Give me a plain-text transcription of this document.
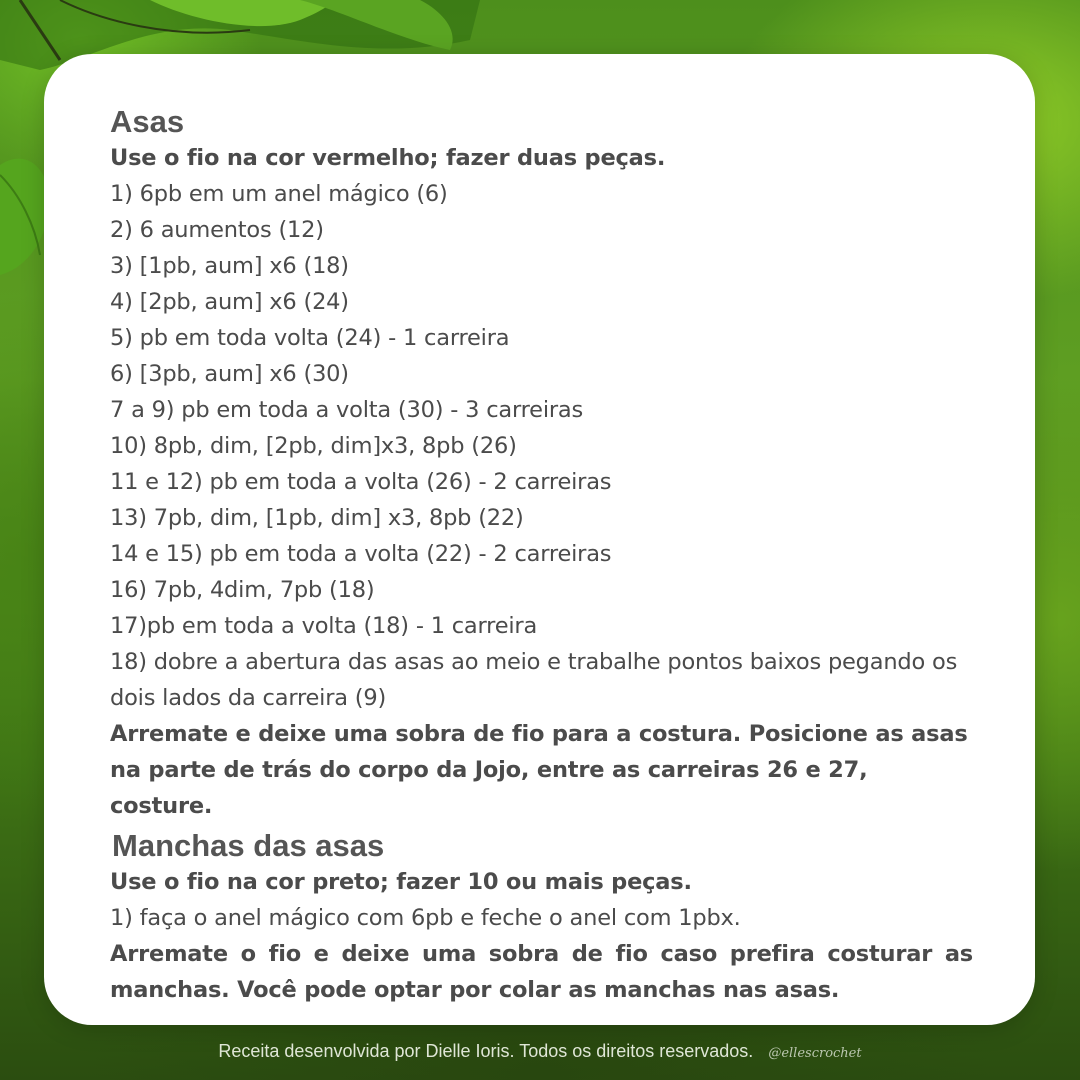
Asas
Use o fio na cor vermelho; fazer duas peças.
1) 6pb em um anel mágico (6)
2) 6 aumentos (12)
3) [1pb, aum] x6 (18)
4) [2pb, aum] x6 (24)
5) pb em toda volta (24) - 1 carreira
6) [3pb, aum] x6 (30)
7 a 9) pb em toda a volta (30) - 3 carreiras
10) 8pb, dim, [2pb, dim]x3, 8pb (26)
11 e 12) pb em toda a volta (26) - 2 carreiras
13) 7pb, dim, [1pb, dim] x3, 8pb (22)
14 e 15) pb em toda a volta (22) - 2 carreiras
16) 7pb, 4dim, 7pb (18)
17)pb em toda a volta (18) - 1 carreira
18) dobre a abertura das asas ao meio e trabalhe pontos baixos pegando os dois lados da carreira (9)
Arremate e deixe uma sobra de fio para a costura. Posicione as asas na parte de trás do corpo da Jojo, entre as carreiras 26 e 27, costure.
Manchas das asas
Use o fio na cor preto; fazer 10 ou mais peças.
1) faça o anel mágico com 6pb e feche o anel com 1pbx.
Arremate o fio e deixe uma sobra de fio caso prefira costurar as manchas. Você pode optar por colar as manchas nas asas.
Receita desenvolvida por Dielle Ioris. Todos os direitos reservados. @ellescrochet
